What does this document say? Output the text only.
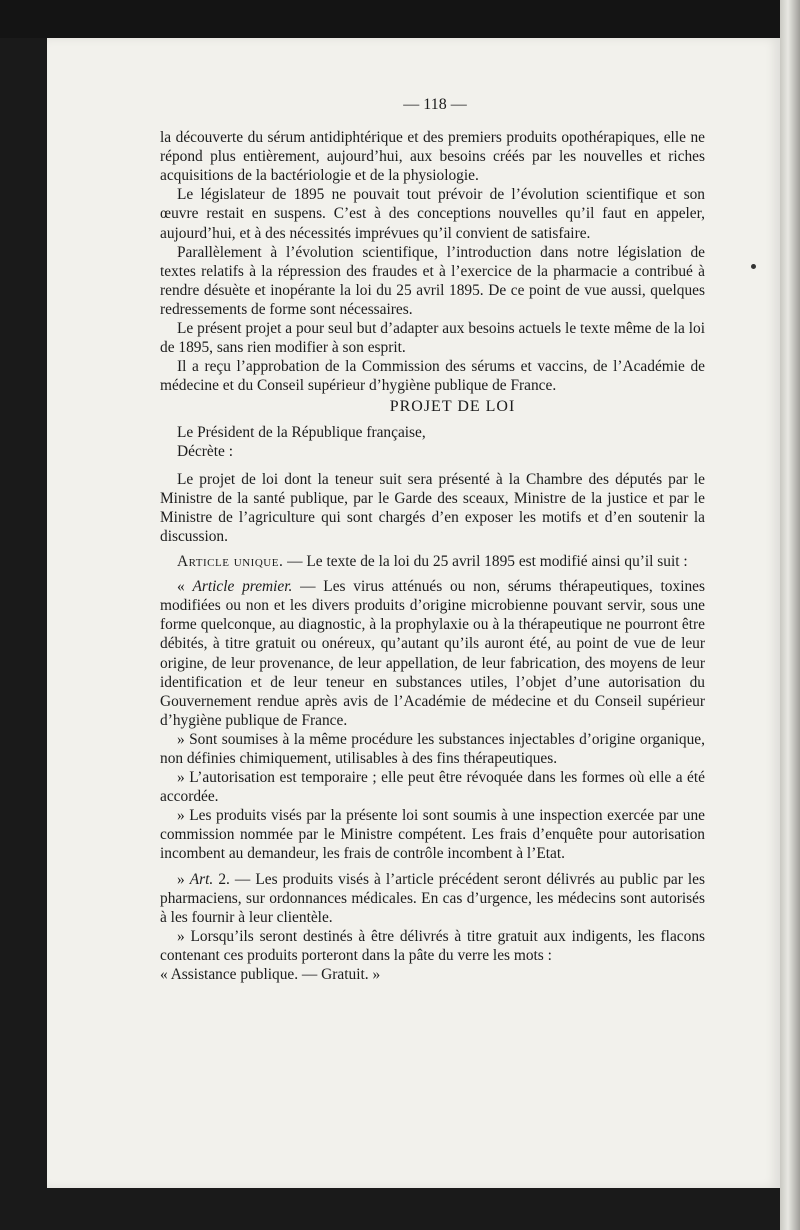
— 118 —

la découverte du sérum antidiphtérique et des premiers produits opothérapiques, elle ne répond plus entièrement, aujourd’hui, aux besoins créés par les nouvelles et riches acquisitions de la bactériologie et de la physiologie.

Le législateur de 1895 ne pouvait tout prévoir de l’évolution scientifique et son œuvre restait en suspens. C’est à des conceptions nouvelles qu’il faut en appeler, aujourd’hui, et à des nécessités imprévues qu’il convient de satisfaire.

Parallèlement à l’évolution scientifique, l’introduction dans notre législation de textes relatifs à la répression des fraudes et à l’exercice de la pharmacie a contribué à rendre désuète et inopérante la loi du 25 avril 1895. De ce point de vue aussi, quelques redressements de forme sont nécessaires.

Le présent projet a pour seul but d’adapter aux besoins actuels le texte même de la loi de 1895, sans rien modifier à son esprit.

Il a reçu l’approbation de la Commission des sérums et vaccins, de l’Académie de médecine et du Conseil supérieur d’hygiène publique de France.

PROJET DE LOI

Le Président de la République française,

Décrète :

Le projet de loi dont la teneur suit sera présenté à la Chambre des députés par le Ministre de la santé publique, par le Garde des sceaux, Ministre de la justice et par le Ministre de l’agriculture qui sont chargés d’en exposer les motifs et d’en soutenir la discussion.

Article unique. — Le texte de la loi du 25 avril 1895 est modifié ainsi qu’il suit :

« Article premier. — Les virus atténués ou non, sérums thérapeutiques, toxines modifiées ou non et les divers produits d’origine microbienne pouvant servir, sous une forme quelconque, au diagnostic, à la prophylaxie ou à la thérapeutique ne pourront être débités, à titre gratuit ou onéreux, qu’autant qu’ils auront été, au point de vue de leur origine, de leur provenance, de leur appellation, de leur fabrication, des moyens de leur identification et de leur teneur en substances utiles, l’objet d’une autorisation du Gouvernement rendue après avis de l’Académie de médecine et du Conseil supérieur d’hygiène publique de France.

» Sont soumises à la même procédure les substances injectables d’origine organique, non définies chimiquement, utilisables à des fins thérapeutiques.

» L’autorisation est temporaire ; elle peut être révoquée dans les formes où elle a été accordée.

» Les produits visés par la présente loi sont soumis à une inspection exercée par une commission nommée par le Ministre compétent. Les frais d’enquête pour autorisation incombent au demandeur, les frais de contrôle incombent à l’Etat.

» Art. 2. — Les produits visés à l’article précédent seront délivrés au public par les pharmaciens, sur ordonnances médicales. En cas d’urgence, les médecins sont autorisés à les fournir à leur clientèle.

» Lorsqu’ils seront destinés à être délivrés à titre gratuit aux indigents, les flacons contenant ces produits porteront dans la pâte du verre les mots :

« Assistance publique. — Gratuit. »
